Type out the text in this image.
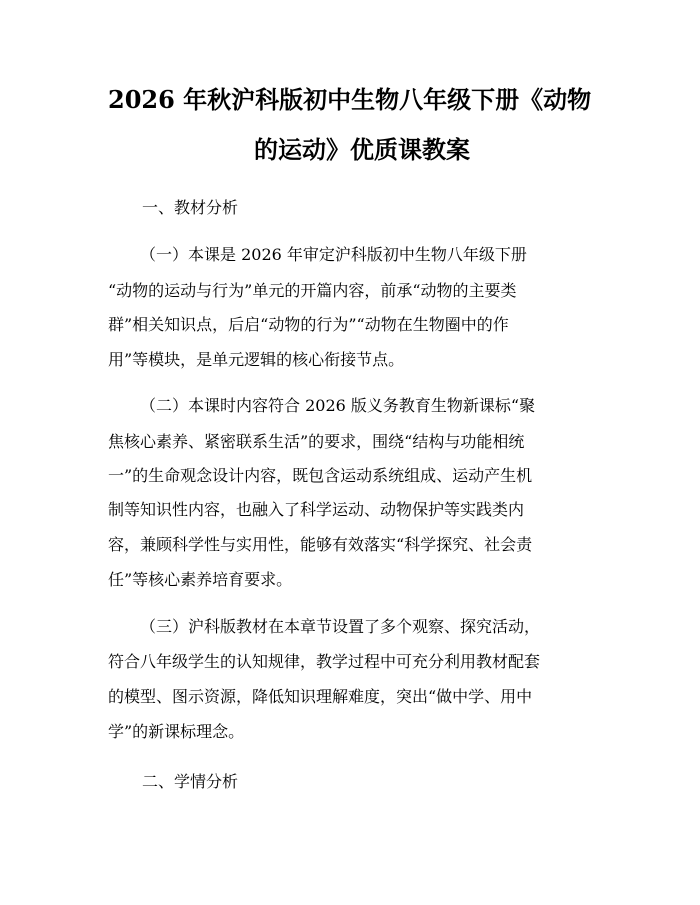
2026 年秋沪科版初中生物八年级下册《动物
的运动》优质课教案
一、教材分析
（一）本课是 2026 年审定沪科版初中生物八年级下册
“动物的运动与行为”单元的开篇内容，前承“动物的主要类
群”相关知识点，后启“动物的行为”“动物在生物圈中的作
用”等模块，是单元逻辑的核心衔接节点。
（二）本课时内容符合 2026 版义务教育生物新课标“聚
焦核心素养、紧密联系生活”的要求，围绕“结构与功能相统
一”的生命观念设计内容，既包含运动系统组成、运动产生机
制等知识性内容，也融入了科学运动、动物保护等实践类内
容，兼顾科学性与实用性，能够有效落实“科学探究、社会责
任”等核心素养培育要求。
（三）沪科版教材在本章节设置了多个观察、探究活动，
符合八年级学生的认知规律，教学过程中可充分利用教材配套
的模型、图示资源，降低知识理解难度，突出“做中学、用中
学”的新课标理念。
二、学情分析
